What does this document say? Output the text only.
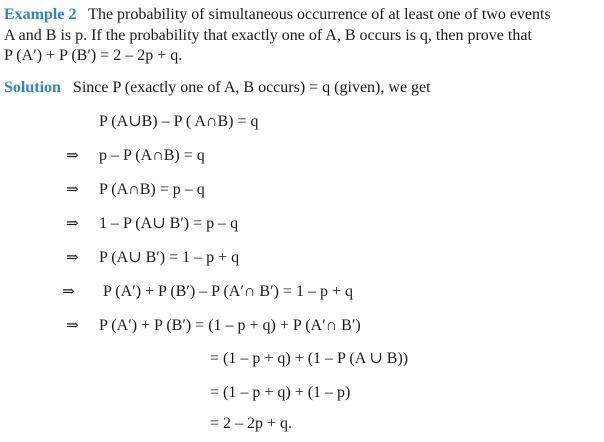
Example 2 The probability of simultaneous occurrence of at least one of two events
A and B is p. If the probability that exactly one of A, B occurs is q, then prove that
P (A′) + P (B′) = 2 – 2p + q.
Solution Since P (exactly one of A, B occurs) = q (given), we get
P (A∪B) – P ( A∩B) = q
⇒ p – P (A∩B) = q
⇒ P (A∩B) = p – q
⇒ 1 – P (A∪ B′) = p – q
⇒ P (A∪ B′) = 1 – p + q
⇒ P (A′) + P (B′) – P (A′∩ B′) = 1 – p + q
⇒ P (A′) + P (B′) = (1 – p + q) + P (A′∩ B′)
= (1 – p + q) + (1 – P (A ∪ B))
= (1 – p + q) + (1 – p)
= 2 – 2p + q.
